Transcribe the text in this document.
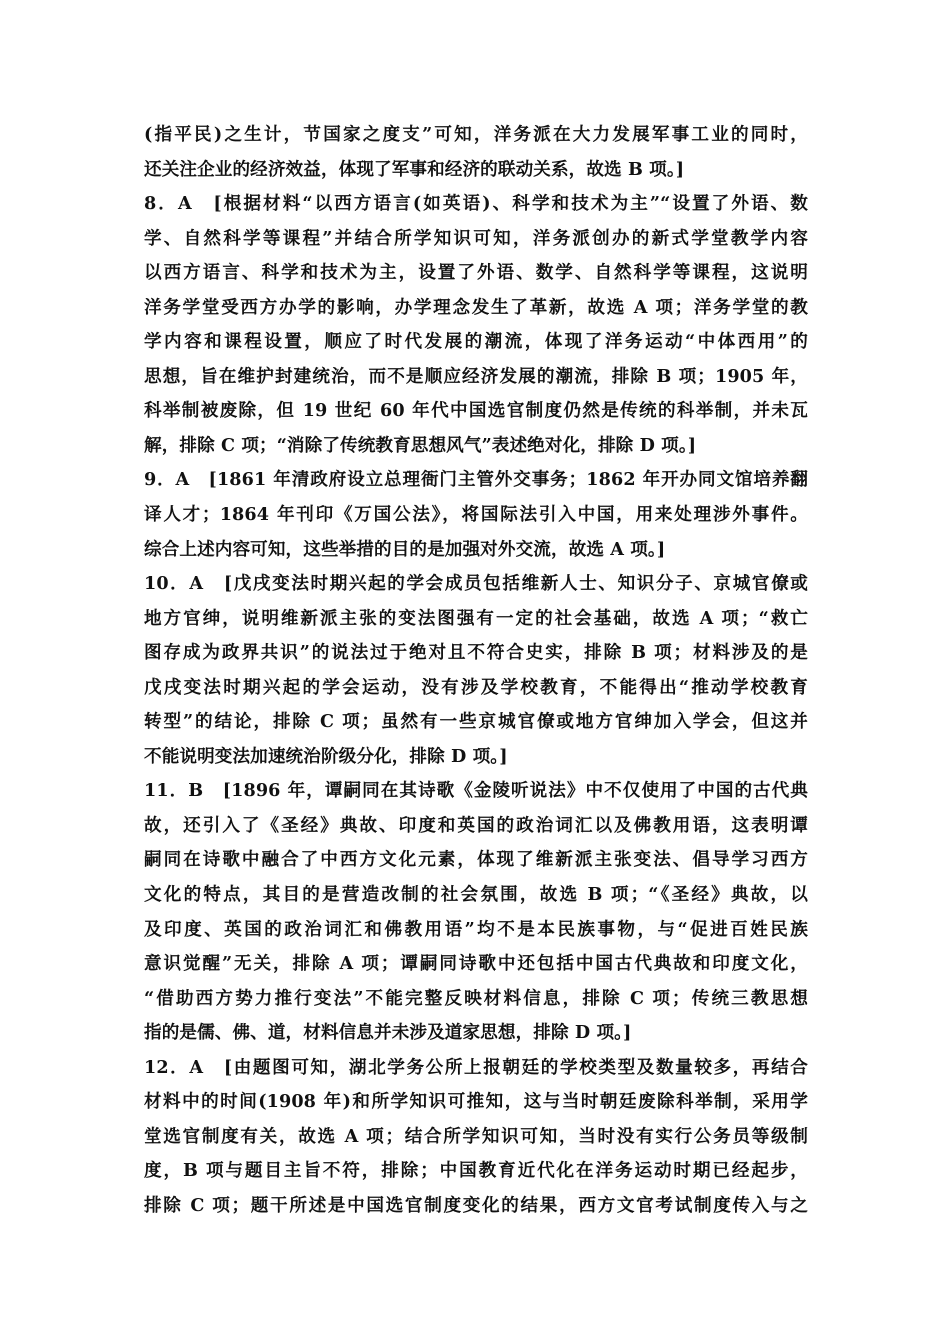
(指平民)之生计，节国家之度支”可知，洋务派在大力发展军事工业的同时，
还关注企业的经济效益，体现了军事和经济的联动关系，故选 B 项。]
8．A　[根据材料“以西方语言(如英语)、科学和技术为主”“设置了外语、数
学、自然科学等课程”并结合所学知识可知，洋务派创办的新式学堂教学内容
以西方语言、科学和技术为主，设置了外语、数学、自然科学等课程，这说明
洋务学堂受西方办学的影响，办学理念发生了革新，故选 A 项；洋务学堂的教
学内容和课程设置，顺应了时代发展的潮流，体现了洋务运动“中体西用”的
思想，旨在维护封建统治，而不是顺应经济发展的潮流，排除 B 项；1905 年，
科举制被废除，但 19 世纪 60 年代中国选官制度仍然是传统的科举制，并未瓦
解，排除 C 项；“消除了传统教育思想风气”表述绝对化，排除 D 项。]
9．A　[1861 年清政府设立总理衙门主管外交事务；1862 年开办同文馆培养翻
译人才；1864 年刊印《万国公法》，将国际法引入中国，用来处理涉外事件。
综合上述内容可知，这些举措的目的是加强对外交流，故选 A 项。]
10．A　[戊戌变法时期兴起的学会成员包括维新人士、知识分子、京城官僚或
地方官绅，说明维新派主张的变法图强有一定的社会基础，故选 A 项；“救亡
图存成为政界共识”的说法过于绝对且不符合史实，排除 B 项；材料涉及的是
戊戌变法时期兴起的学会运动，没有涉及学校教育，不能得出“推动学校教育
转型”的结论，排除 C 项；虽然有一些京城官僚或地方官绅加入学会，但这并
不能说明变法加速统治阶级分化，排除 D 项。]
11．B　[1896 年，谭嗣同在其诗歌《金陵听说法》中不仅使用了中国的古代典
故，还引入了《圣经》典故、印度和英国的政治词汇以及佛教用语，这表明谭
嗣同在诗歌中融合了中西方文化元素，体现了维新派主张变法、倡导学习西方
文化的特点，其目的是营造改制的社会氛围，故选 B 项；“《圣经》典故，以
及印度、英国的政治词汇和佛教用语”均不是本民族事物，与“促进百姓民族
意识觉醒”无关，排除 A 项；谭嗣同诗歌中还包括中国古代典故和印度文化，
“借助西方势力推行变法”不能完整反映材料信息，排除 C 项；传统三教思想
指的是儒、佛、道，材料信息并未涉及道家思想，排除 D 项。]
12．A　[由题图可知，湖北学务公所上报朝廷的学校类型及数量较多，再结合
材料中的时间(1908 年)和所学知识可推知，这与当时朝廷废除科举制，采用学
堂选官制度有关，故选 A 项；结合所学知识可知，当时没有实行公务员等级制
度，B 项与题目主旨不符，排除；中国教育近代化在洋务运动时期已经起步，
排除 C 项；题干所述是中国选官制度变化的结果，西方文官考试制度传入与之
